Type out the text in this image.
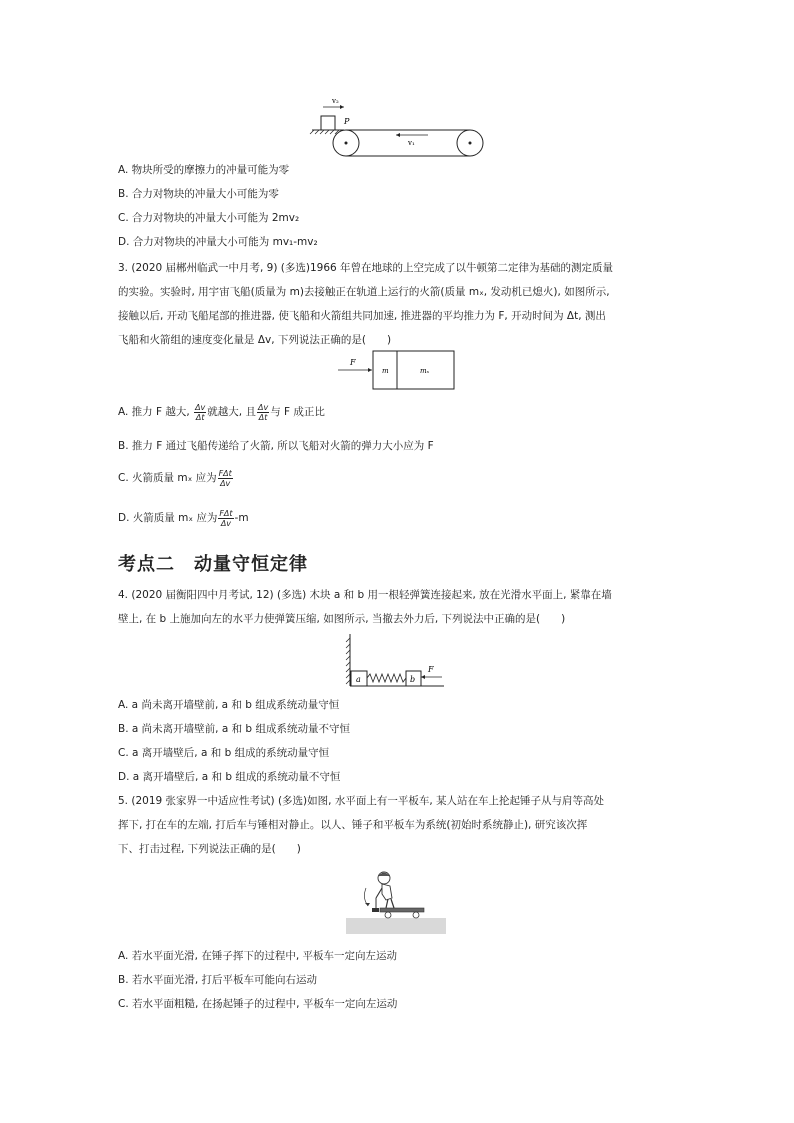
v₂
P
v₁
A. 物块所受的摩擦力的冲量可能为零
B. 合力对物块的冲量大小可能为零
C. 合力对物块的冲量大小可能为 2mv₂
D. 合力对物块的冲量大小可能为 mv₁-mv₂
3. (2020 届郴州临武一中月考, 9) (多选)1966 年曾在地球的上空完成了以牛顿第二定律为基础的测定质量
的实验。实验时, 用宇宙飞船(质量为 m)去接触正在轨道上运行的火箭(质量 mₓ, 发动机已熄火), 如图所示,
接触以后, 开动飞船尾部的推进器, 使飞船和火箭组共同加速, 推进器的平均推力为 F, 开动时间为 Δt, 测出
飞船和火箭组的速度变化量是 Δv, 下列说法正确的是(　　)
F
m	mₓ
A. 推力 F 越大, $\frac{\Delta v}{\Delta t}$ 就越大, 且 $\frac{\Delta v}{\Delta t}$ 与 F 成正比
B. 推力 F 通过飞船传递给了火箭, 所以飞船对火箭的弹力大小应为 F
C. 火箭质量 mₓ 应为 $\frac{\text{FΔt}}{\Delta v}$
D. 火箭质量 mₓ 应为 $\frac{\text{FΔt}}{\Delta v} -m$
考点二　动量守恒定律
4. (2020 届衡阳四中月考试, 12) (多选) 木块 a 和 b 用一根轻弹簧连接起来, 放在光滑水平面上, 紧靠在墙
壁上, 在 b 上施加向左的水平力使弹簧压缩, 如图所示, 当撤去外力后, 下列说法中正确的是(　　)
a	b
F
A. a 尚未离开墙壁前, a 和 b 组成系统动量守恒
B. a 尚未离开墙壁前, a 和 b 组成系统动量不守恒
C. a 离开墙壁后, a 和 b 组成的系统动量守恒
D. a 离开墙壁后, a 和 b 组成的系统动量不守恒
5. (2019 张家界一中适应性考试) (多选)如图, 水平面上有一平板车, 某人站在车上抡起锤子从与肩等高处
挥下, 打在车的左端, 打后车与锤相对静止。以人、锤子和平板车为系统(初始时系统静止), 研究该次挥
下、打击过程, 下列说法正确的是(　　)
A. 若水平面光滑, 在锤子挥下的过程中, 平板车一定向左运动
B. 若水平面光滑, 打后平板车可能向右运动
C. 若水平面粗糙, 在扬起锤子的过程中, 平板车一定向左运动
